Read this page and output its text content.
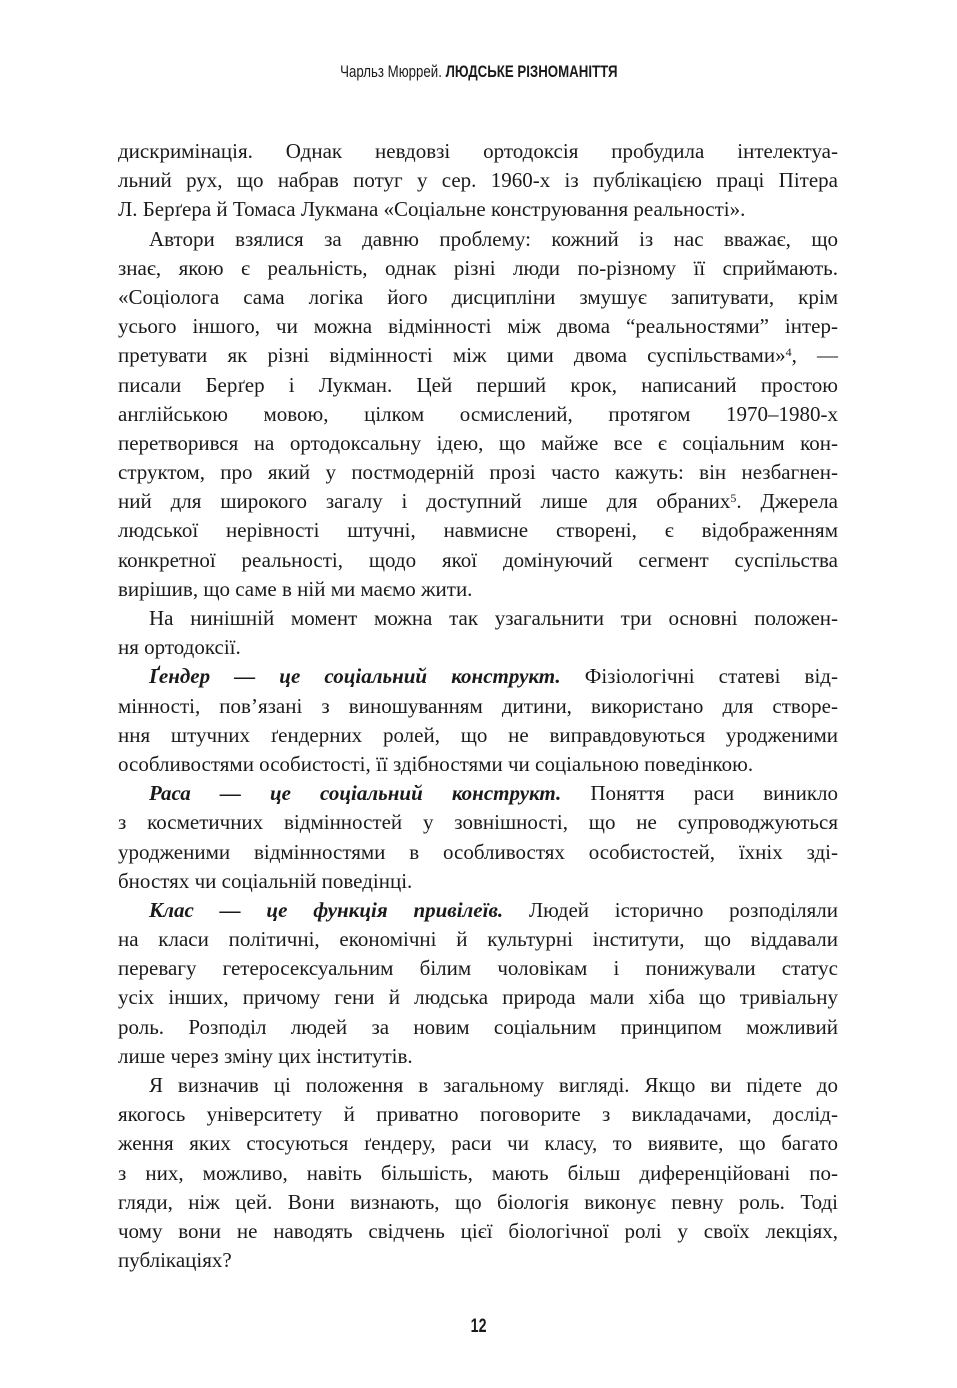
Чарльз Мюррей. ЛЮДСЬКЕ РІЗНОМАНІТТЯ
дискримінація. Однак невдовзі ортодоксія пробудила інтелектуа-
льний рух, що набрав потуг у сер. 1960-х із публікацією праці Пітера
Л. Берґера й Томаса Лукмана «Соціальне конструювання реальності».
Автори взялися за давню проблему: кожний із нас вважає, що
знає, якою є реальність, однак різні люди по-різному її сприймають.
«Соціолога сама логіка його дисципліни змушує запитувати, крім
усього іншого, чи можна відмінності між двома “реальностями” інтер-
претувати як різні відмінності між цими двома суспільствами»$^4$, —
писали Берґер і Лукман. Цей перший крок, написаний простою
англійською мовою, цілком осмислений, протягом 1970–1980-х
перетворився на ортодоксальну ідею, що майже все є соціальним кон-
структом, про який у постмодерній прозі часто кажуть: він незбагнен-
ний для широкого загалу і доступний лише для обраних$^5$. Джерела
людської нерівності штучні, навмисне створені, є відображенням
конкретної реальності, щодо якої домінуючий сегмент суспільства
вирішив, що саме в ній ми маємо жити.
На нинішній момент можна так узагальнити три основні положен-
ня ортодоксії.
Ґендер — це соціальний конструкт. Фізіологічні статеві від-
мінності, пов’язані з виношуванням дитини, використано для створе-
ння штучних ґендерних ролей, що не виправдовуються уродженими
особливостями особистості, її здібностями чи соціальною поведінкою.
Раса — це соціальний конструкт. Поняття раси виникло
з косметичних відмінностей у зовнішності, що не супроводжуються
уродженими відмінностями в особливостях особистостей, їхніх зді-
бностях чи соціальній поведінці.
Клас — це функція привілеїв. Людей історично розподіляли
на класи політичні, економічні й культурні інститути, що віддавали
перевагу гетеросексуальним білим чоловікам і понижували статус
усіх інших, причому гени й людська природа мали хіба що тривіальну
роль. Розподіл людей за новим соціальним принципом можливий
лише через зміну цих інститутів.
Я визначив ці положення в загальному вигляді. Якщо ви підете до
якогось університету й приватно поговорите з викладачами, дослід-
ження яких стосуються ґендеру, раси чи класу, то виявите, що багато
з них, можливо, навіть більшість, мають більш диференційовані по-
гляди, ніж цей. Вони визнають, що біологія виконує певну роль. Тоді
чому вони не наводять свідчень цієї біологічної ролі у своїх лекціях,
публікаціях?
12
